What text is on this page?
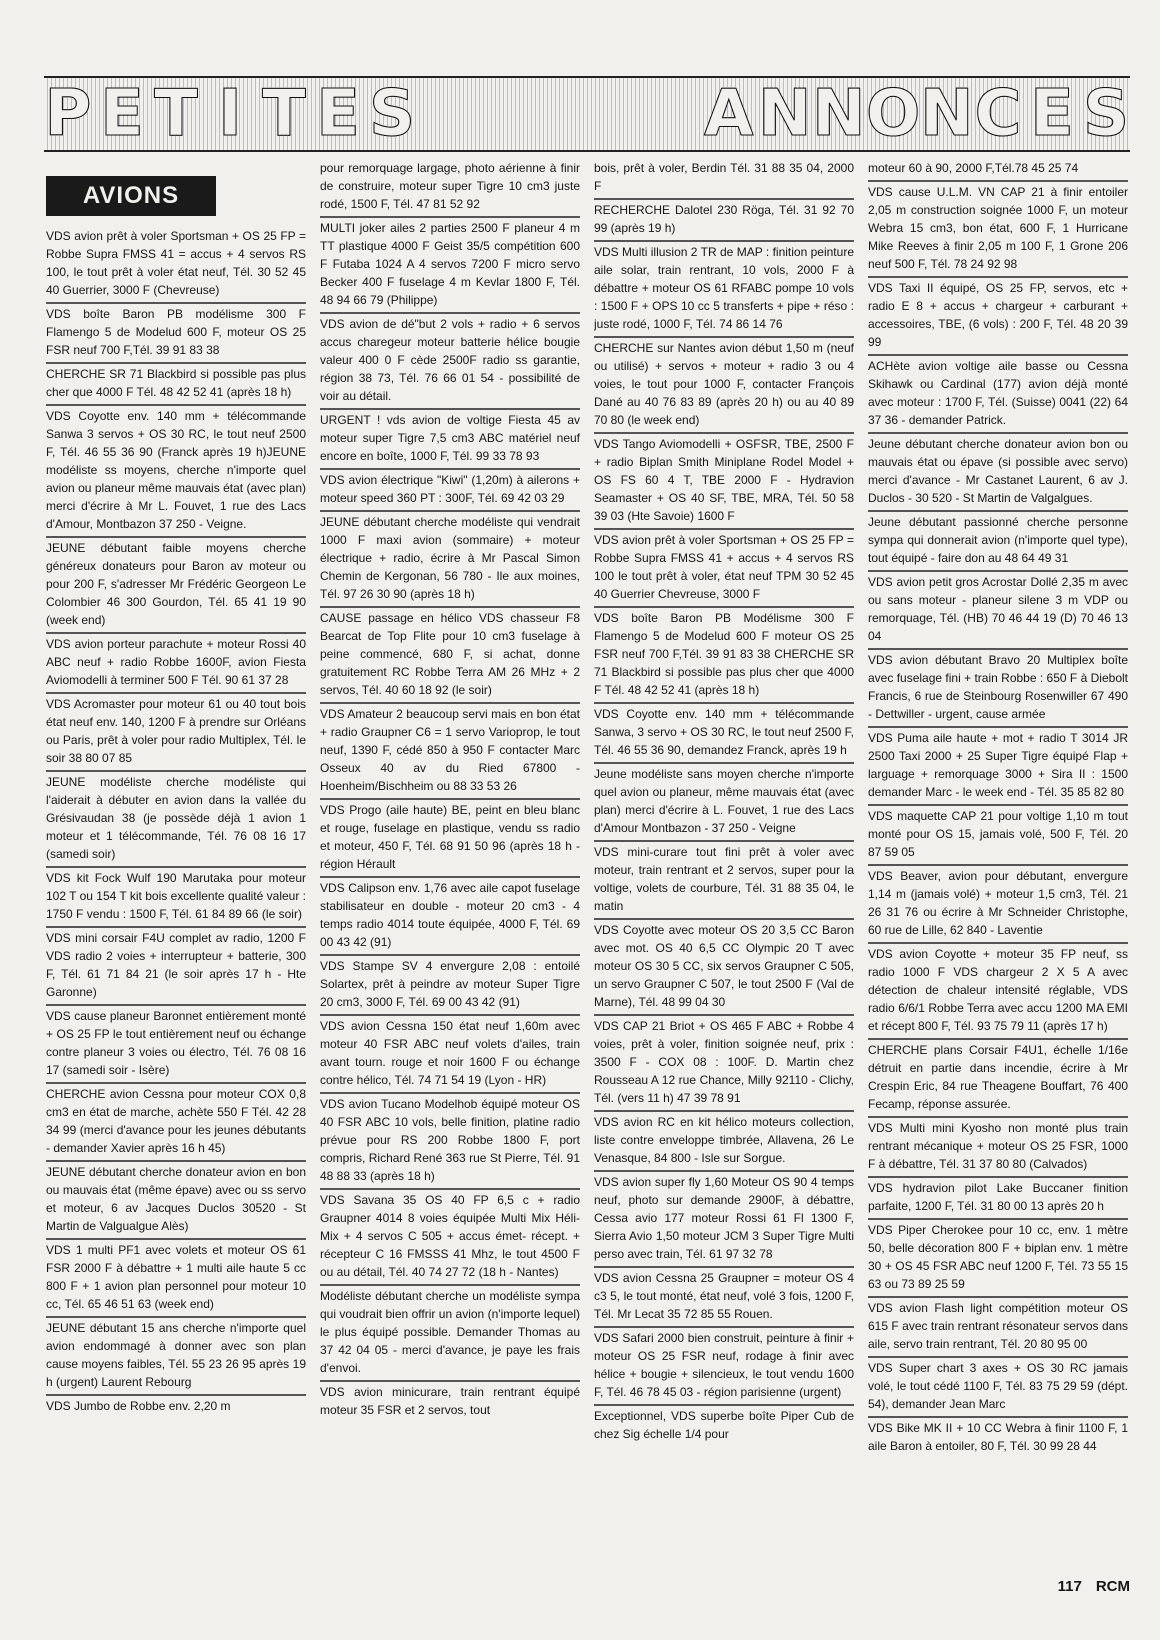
P E T I T E S	A N N O N C E S
AVIONS
VDS avion prêt à voler Sportsman + OS 25 FP = Robbe Supra FMSS 41 = accus + 4 servos RS 100, le tout prêt à voler état neuf, Tél. 30 52 45 40 Guerrier, 3000 F (Chevreuse)
VDS boîte Baron PB modélisme 300 F Flamengo 5 de Modelud 600 F, moteur OS 25 FSR neuf 700 F,Tél. 39 91 83 38
CHERCHE SR 71 Blackbird si possible pas plus cher que 4000 F Tél. 48 42 52 41 (après 18 h)
VDS Coyotte env. 140 mm + télécommande Sanwa 3 servos + OS 30 RC, le tout neuf 2500 F, Tél. 46 55 36 90 (Franck après 19 h)JEUNE modéliste ss moyens, cherche n'importe quel avion ou planeur même mauvais état (avec plan) merci d'écrire à Mr L. Fouvet, 1 rue des Lacs d'Amour, Montbazon 37 250 - Veigne.
JEUNE débutant faible moyens cherche généreux donateurs pour Baron av moteur ou pour 200 F, s'adresser Mr Frédéric Georgeon Le Colombier 46 300 Gourdon, Tél. 65 41 19 90 (week end)
VDS avion porteur parachute + moteur Rossi 40 ABC neuf + radio Robbe 1600F, avion Fiesta Aviomodelli à terminer 500 F Tél. 90 61 37 28
VDS Acromaster pour moteur 61 ou 40 tout bois état neuf env. 140, 1200 F à prendre sur Orléans ou Paris, prêt à voler pour radio Multiplex, Tél. le soir 38 80 07 85
JEUNE modéliste cherche modéliste qui l'aiderait à débuter en avion dans la vallée du Grésivaudan 38 (je possède déjà 1 avion 1 moteur et 1 télécommande, Tél. 76 08 16 17 (samedi soir)
VDS kit Fock Wulf 190 Marutaka pour moteur 102 T ou 154 T kit bois excellente qualité valeur : 1750 F vendu : 1500 F, Tél. 61 84 89 66 (le soir)
VDS mini corsair F4U complet av radio, 1200 F VDS radio 2 voies + interrupteur + batterie, 300 F, Tél. 61 71 84 21 (le soir après 17 h - Hte Garonne)
VDS cause planeur Baronnet entièrement monté + OS 25 FP le tout entièrement neuf ou échange contre planeur 3 voies ou électro, Tél. 76 08 16 17 (samedi soir - Isère)
CHERCHE avion Cessna pour moteur COX 0,8 cm3 en état de marche, achète 550 F Tél. 42 28 34 99 (merci d'avance pour les jeunes débutants - demander Xavier après 16 h 45)
JEUNE débutant cherche donateur avion en bon ou mauvais état (même épave) avec ou ss servo et moteur, 6 av Jacques Duclos 30520 - St Martin de Valgualgue Alès)
VDS 1 multi PF1 avec volets et moteur OS 61 FSR 2000 F à débattre + 1 multi aile haute 5 cc 800 F + 1 avion plan personnel pour moteur 10 cc, Tél. 65 46 51 63 (week end)
JEUNE débutant 15 ans cherche n'importe quel avion endommagé à donner avec son plan cause moyens faibles, Tél. 55 23 26 95 après 19 h (urgent) Laurent Rebourg
VDS Jumbo de Robbe env. 2,20 m
pour remorquage largage, photo aérienne à finir de construire, moteur super Tigre 10 cm3 juste rodé, 1500 F, Tél. 47 81 52 92
MULTI joker ailes 2 parties 2500 F planeur 4 m TT plastique 4000 F Geist 35/5 compétition 600 F Futaba 1024 A 4 servos 7200 F micro servo Becker 400 F fuselage 4 m Kevlar 1800 F, Tél. 48 94 66 79 (Philippe)
VDS avion de dé"but 2 vols + radio + 6 servos accus charegeur moteur batterie hélice bougie valeur 400 0 F cède 2500F radio ss garantie, région 38 73, Tél. 76 66 01 54 - possibilité de voir au détail.
URGENT ! vds avion de voltige Fiesta 45 av moteur super Tigre 7,5 cm3 ABC matériel neuf encore en boîte, 1000 F, Tél. 99 33 78 93
VDS avion électrique "Kiwi" (1,20m) à ailerons + moteur speed 360 PT : 300F, Tél. 69 42 03 29
JEUNE débutant cherche modéliste qui vendrait 1000 F maxi avion (sommaire) + moteur électrique + radio, écrire à Mr Pascal Simon Chemin de Kergonan, 56 780 - Ile aux moines, Tél. 97 26 30 90 (après 18 h)
CAUSE passage en hélico VDS chasseur F8 Bearcat de Top Flite pour 10 cm3 fuselage à peine commencé, 680 F, si achat, donne gratuitement RC Robbe Terra AM 26 MHz + 2 servos, Tél. 40 60 18 92 (le soir)
VDS Amateur 2 beaucoup servi mais en bon état + radio Graupner C6 = 1 servo Varioprop, le tout neuf, 1390 F, cédé 850 à 950 F contacter Marc Osseux 40 av du Ried 67800 - Hoenheim/Bischheim ou 88 33 53 26
VDS Progo (aile haute) BE, peint en bleu blanc et rouge, fuselage en plastique, vendu ss radio et moteur, 450 F, Tél. 68 91 50 96 (après 18 h - région Hérault
VDS Calipson env. 1,76 avec aile capot fuselage stabilisateur en double - moteur 20 cm3 - 4 temps radio 4014 toute équipée, 4000 F, Tél. 69 00 43 42 (91)
VDS Stampe SV 4 envergure 2,08 : entoilé Solartex, prêt à peindre av moteur Super Tigre 20 cm3, 3000 F, Tél. 69 00 43 42 (91)
VDS avion Cessna 150 état neuf 1,60m avec moteur 40 FSR ABC neuf volets d'ailes, train avant tourn. rouge et noir 1600 F ou échange contre hélico, Tél. 74 71 54 19 (Lyon - HR)
VDS avion Tucano Modelhob équipé moteur OS 40 FSR ABC 10 vols, belle finition, platine radio prévue pour RS 200 Robbe 1800 F, port compris, Richard René 363 rue St Pierre, Tél. 91 48 88 33 (après 18 h)
VDS Savana 35 OS 40 FP 6,5 c + radio Graupner 4014 8 voies équipée Multi Mix Héli- Mix + 4 servos C 505 + accus émet- récept. + récepteur C 16 FMSSS 41 Mhz, le tout 4500 F ou au détail, Tél. 40 74 27 72 (18 h - Nantes)
Modéliste débutant cherche un modéliste sympa qui voudrait bien offrir un avion (n'importe lequel) le plus équipé possible. Demander Thomas au 37 42 04 05 - merci d'avance, je paye les frais d'envoi.
VDS avion minicurare, train rentrant équipé moteur 35 FSR et 2 servos, tout
bois, prêt à voler, Berdin Tél. 31 88 35 04, 2000 F
RECHERCHE Dalotel 230 Röga, Tél. 31 92 70 99 (après 19 h)
VDS Multi illusion 2 TR de MAP : finition peinture aile solar, train rentrant, 10 vols, 2000 F à débattre + moteur OS 61 RFABC pompe 10 vols : 1500 F + OPS 10 cc 5 transferts + pipe + réso : juste rodé, 1000 F, Tél. 74 86 14 76
CHERCHE sur Nantes avion début 1,50 m (neuf ou utilisé) + servos + moteur + radio 3 ou 4 voies, le tout pour 1000 F, contacter François Dané au 40 76 83 89 (après 20 h) ou au 40 89 70 80 (le week end)
VDS Tango Aviomodelli + OSFSR, TBE, 2500 F + radio Biplan Smith Miniplane Rodel Model + OS FS 60 4 T, TBE 2000 F - Hydravion Seamaster + OS 40 SF, TBE, MRA, Tél. 50 58 39 03 (Hte Savoie) 1600 F
VDS avion prêt à voler Sportsman + OS 25 FP = Robbe Supra FMSS 41 + accus + 4 servos RS 100 le tout prêt à voler, état neuf TPM 30 52 45 40 Guerrier Chevreuse, 3000 F
VDS boîte Baron PB Modélisme 300 F Flamengo 5 de Modelud 600 F moteur OS 25 FSR neuf 700 F,Tél. 39 91 83 38 CHERCHE SR 71 Blackbird si possible pas plus cher que 4000 F Tél. 48 42 52 41 (après 18 h)
VDS Coyotte env. 140 mm + télécommande Sanwa, 3 servo + OS 30 RC, le tout neuf 2500 F, Tél. 46 55 36 90, demandez Franck, après 19 h
Jeune modéliste sans moyen cherche n'importe quel avion ou planeur, même mauvais état (avec plan) merci d'écrire à L. Fouvet, 1 rue des Lacs d'Amour Montbazon - 37 250 - Veigne
VDS mini-curare tout fini prêt à voler avec moteur, train rentrant et 2 servos, super pour la voltige, volets de courbure, Tél. 31 88 35 04, le matin
VDS Coyotte avec moteur OS 20 3,5 CC Baron avec mot. OS 40 6,5 CC Olympic 20 T avec moteur OS 30 5 CC, six servos Graupner C 505, un servo Graupner C 507, le tout 2500 F (Val de Marne), Tél. 48 99 04 30
VDS CAP 21 Briot + OS 465 F ABC + Robbe 4 voies, prêt à voler, finition soignée neuf, prix : 3500 F - COX 08 : 100F. D. Martin chez Rousseau A 12 rue Chance, Milly 92110 - Clichy, Tél. (vers 11 h) 47 39 78 91
VDS avion RC en kit hélico moteurs collection, liste contre enveloppe timbrée, Allavena, 26 Le Venasque, 84 800 - Isle sur Sorgue.
VDS avion super fly 1,60 Moteur OS 90 4 temps neuf, photo sur demande 2900F, à débattre, Cessa avio 177 moteur Rossi 61 Fl 1300 F, Sierra Avio 1,50 moteur JCM 3 Super Tigre Multi perso avec train, Tél. 61 97 32 78
VDS avion Cessna 25 Graupner = moteur OS 4 c3 5, le tout monté, état neuf, volé 3 fois, 1200 F, Tél. Mr Lecat 35 72 85 55 Rouen.
VDS Safari 2000 bien construit, peinture à finir + moteur OS 25 FSR neuf, rodage à finir avec hélice + bougie + silencieux, le tout vendu 1600 F, Tél. 46 78 45 03 - région parisienne (urgent)
Exceptionnel, VDS superbe boîte Piper Cub de chez Sig échelle 1/4 pour
moteur 60 à 90, 2000 F,Tél.78 45 25 74
VDS cause U.L.M. VN CAP 21 à finir entoiler 2,05 m construction soignée 1000 F, un moteur Webra 15 cm3, bon état, 600 F, 1 Hurricane Mike Reeves à finir 2,05 m 100 F, 1 Grone 206 neuf 500 F, Tél. 78 24 92 98
VDS Taxi II équipé, OS 25 FP, servos, etc + radio E 8 + accus + chargeur + carburant + accessoires, TBE, (6 vols) : 200 F, Tél. 48 20 39 99
ACHète avion voltige aile basse ou Cessna Skihawk ou Cardinal (177) avion déjà monté avec moteur : 1700 F, Tél. (Suisse) 0041 (22) 64 37 36 - demander Patrick.
Jeune débutant cherche donateur avion bon ou mauvais état ou épave (si possible avec servo) merci d'avance - Mr Castanet Laurent, 6 av J. Duclos - 30 520 - St Martin de Valgalgues.
Jeune débutant passionné cherche personne sympa qui donnerait avion (n'importe quel type), tout équipé - faire don au 48 64 49 31
VDS avion petit gros Acrostar Dollé 2,35 m avec ou sans moteur - planeur silene 3 m VDP ou remorquage, Tél. (HB) 70 46 44 19 (D) 70 46 13 04
VDS avion débutant Bravo 20 Multiplex boîte avec fuselage fini + train Robbe : 650 F à Diebolt Francis, 6 rue de Steinbourg Rosenwiller 67 490 - Dettwiller - urgent, cause armée
VDS Puma aile haute + mot + radio T 3014 JR 2500 Taxi 2000 + 25 Super Tigre équipé Flap + larguage + remorquage 3000 + Sira II : 1500 demander Marc - le week end - Tél. 35 85 82 80
VDS maquette CAP 21 pour voltige 1,10 m tout monté pour OS 15, jamais volé, 500 F, Tél. 20 87 59 05
VDS Beaver, avion pour débutant, envergure 1,14 m (jamais volé) + moteur 1,5 cm3, Tél. 21 26 31 76 ou écrire à Mr Schneider Christophe, 60 rue de Lille, 62 840 - Laventie
VDS avion Coyotte + moteur 35 FP neuf, ss radio 1000 F VDS chargeur 2 X 5 A avec détection de chaleur intensité réglable, VDS radio 6/6/1 Robbe Terra avec accu 1200 MA EMI et récept 800 F, Tél. 93 75 79 11 (après 17 h)
CHERCHE plans Corsair F4U1, échelle 1/16e détruit en partie dans incendie, écrire à Mr Crespin Eric, 84 rue Theagene Bouffart, 76 400 Fecamp, réponse assurée.
VDS Multi mini Kyosho non monté plus train rentrant mécanique + moteur OS 25 FSR, 1000 F à débattre, Tél. 31 37 80 80 (Calvados)
VDS hydravion pilot Lake Buccaner finition parfaite, 1200 F, Tél. 31 80 00 13 après 20 h
VDS Piper Cherokee pour 10 cc, env. 1 mètre 50, belle décoration 800 F + biplan env. 1 mètre 30 + OS 45 FSR ABC neuf 1200 F, Tél. 73 55 15 63 ou 73 89 25 59
VDS avion Flash light compétition moteur OS 615 F avec train rentrant résonateur servos dans aile, servo train rentrant, Tél. 20 80 95 00
VDS Super chart 3 axes + OS 30 RC jamais volé, le tout cédé 1100 F, Tél. 83 75 29 59 (dépt. 54), demander Jean Marc
VDS Bike MK II + 10 CC Webra à finir 1100 F, 1 aile Baron à entoiler, 80 F, Tél. 30 99 28 44
117 RCM
